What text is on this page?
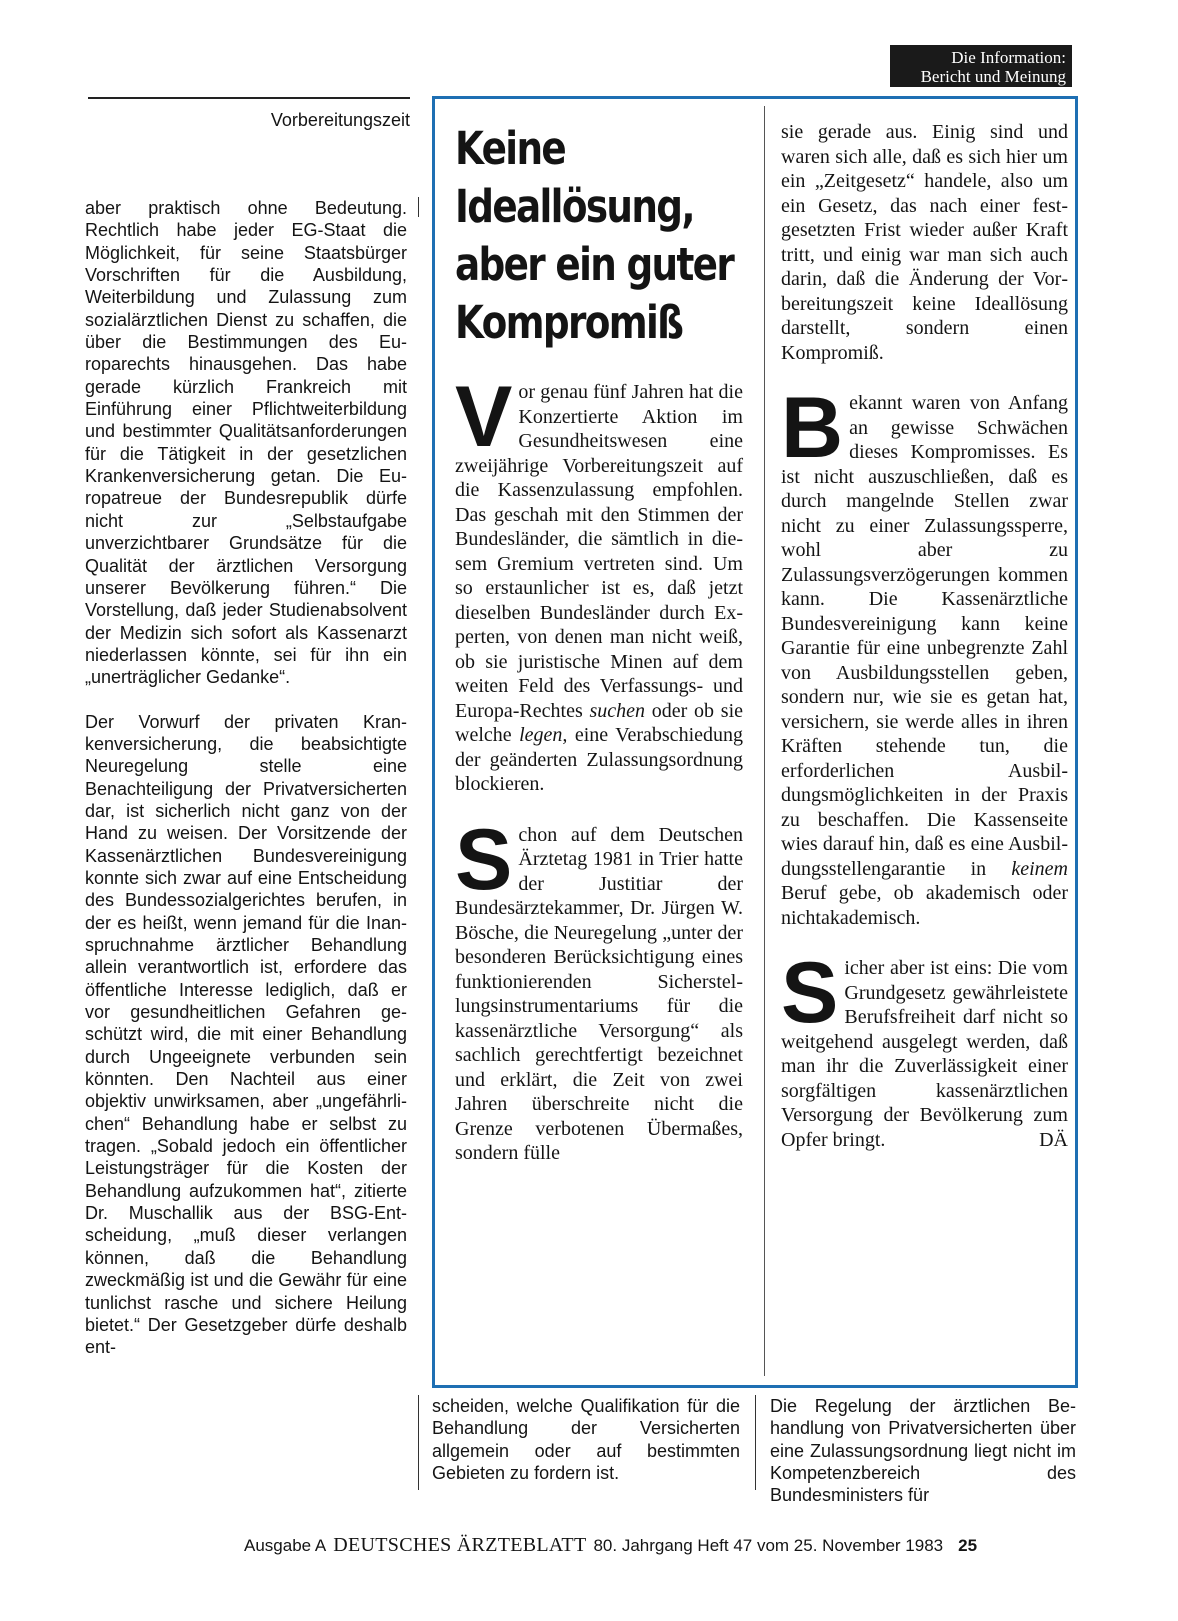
Die Information:
Bericht und Meinung
Vorbereitungszeit

aber praktisch ohne Bedeutung. Rechtlich habe jeder EG-Staat die Möglichkeit, für seine Staatsbürger Vorschriften für die Ausbildung, Weiterbildung und Zulassung zum sozialärztlichen Dienst zu schaffen, die über die Bestimmungen des Europarechts hinausgehen. Das habe gerade kürzlich Frankreich mit Einführung einer Pflichtweiterbildung und bestimmter Qualitätsanforderungen für die Tätigkeit in der gesetzlichen Krankenversicherung getan. Die Europatreue der Bundesrepublik dürfe nicht zur „Selbstaufgabe unverzichtbarer Grundsätze für die Qualität der ärztlichen Versorgung unserer Bevölkerung führen.“ Die Vorstellung, daß jeder Studienabsolvent der Medizin sich sofort als Kassenarzt niederlassen könnte, sei für ihn ein „unerträglicher Gedanke“.

Der Vorwurf der privaten Krankenversicherung, die beabsichtigte Neuregelung stelle eine Benachteiligung der Privatversicherten dar, ist sicherlich nicht ganz von der Hand zu weisen. Der Vorsitzende der Kassenärztlichen Bundesvereinigung konnte sich zwar auf eine Entscheidung des Bundessozialgerichtes berufen, in der es heißt, wenn jemand für die Inanspruchnahme ärztlicher Behandlung allein verantwortlich ist, erfordere das öffentliche Interesse lediglich, daß er vor gesundheitlichen Gefahren geschützt wird, die mit einer Behandlung durch Ungeeignete verbunden sein könnten. Den Nachteil aus einer objektiv unwirksamen, aber „ungefährlichen“ Behandlung habe er selbst zu tragen. „Sobald jedoch ein öffentlicher Leistungsträger für die Kosten der Behandlung aufzukommen hat“, zitierte Dr. Muschallik aus der BSG-Entscheidung, „muß dieser verlangen können, daß die Behandlung zweckmäßig ist und die Gewähr für eine tunlichst rasche und sichere Heilung bietet.“ Der Gesetzgeber dürfe deshalb ent-

Keine
Ideallösung,
aber ein guter
Kompromiß

Vor genau fünf Jahren hat die Konzertierte Aktion im Gesundheitswesen eine zweijährige Vorbereitungszeit auf die Kassenzulassung empfohlen. Das geschah mit den Stimmen der Bundesländer, die sämtlich in diesem Gremium vertreten sind. Um so erstaunlicher ist es, daß jetzt dieselben Bundesländer durch Experten, von denen man nicht weiß, ob sie juristische Minen auf dem weiten Feld des Verfassungs- und Europa-Rechtes suchen oder ob sie welche legen, eine Verabschiedung der geänderten Zulassungsordnung blockieren.

Schon auf dem Deutschen Ärztetag 1981 in Trier hatte der Justitiar der Bundesärztekammer, Dr. Jürgen W. Bösche, die Neuregelung „unter der besonderen Berücksichtigung eines funktionierenden Sicherstellungsinstrumentariums für die kassenärztliche Versorgung“ als sachlich gerechtfertigt bezeichnet und erklärt, die Zeit von zwei Jahren überschreite nicht die Grenze verbotenen Übermaßes, sondern fülle

sie gerade aus. Einig sind und waren sich alle, daß es sich hier um ein „Zeitgesetz“ handele, also um ein Gesetz, das nach einer festgesetzten Frist wieder außer Kraft tritt, und einig war man sich auch darin, daß die Änderung der Vorbereitungszeit keine Ideallösung darstellt, sondern einen Kompromiß.

Bekannt waren von Anfang an gewisse Schwächen dieses Kompromisses. Es ist nicht auszuschließen, daß es durch mangelnde Stellen zwar nicht zu einer Zulassungssperre, wohl aber zu Zulassungsverzögerungen kommen kann. Die Kassenärztliche Bundesvereinigung kann keine Garantie für eine unbegrenzte Zahl von Ausbildungsstellen geben, sondern nur, wie sie es getan hat, versichern, sie werde alles in ihren Kräften stehende tun, die erforderlichen Ausbildungsmöglichkeiten in der Praxis zu beschaffen. Die Kassenseite wies darauf hin, daß es eine Ausbildungsstellengarantie in keinem Beruf gebe, ob akademisch oder nichtakademisch.

Sicher aber ist eins: Die vom Grundgesetz gewährleistete Berufsfreiheit darf nicht so weitgehend ausgelegt werden, daß man ihr die Zuverlässigkeit einer sorgfältigen kassenärztlichen Versorgung der Bevölkerung zum Opfer bringt.	DÄ

scheiden, welche Qualifikation für die Behandlung der Versicherten allgemein oder auf bestimmten Gebieten zu fordern ist.
Die Regelung der ärztlichen Behandlung von Privatversicherten über eine Zulassungsordnung liegt nicht im Kompetenzbereich des Bundesministers für
Ausgabe A DEUTSCHES ÄRZTEBLATT 80. Jahrgang Heft 47 vom 25. November 1983 25
